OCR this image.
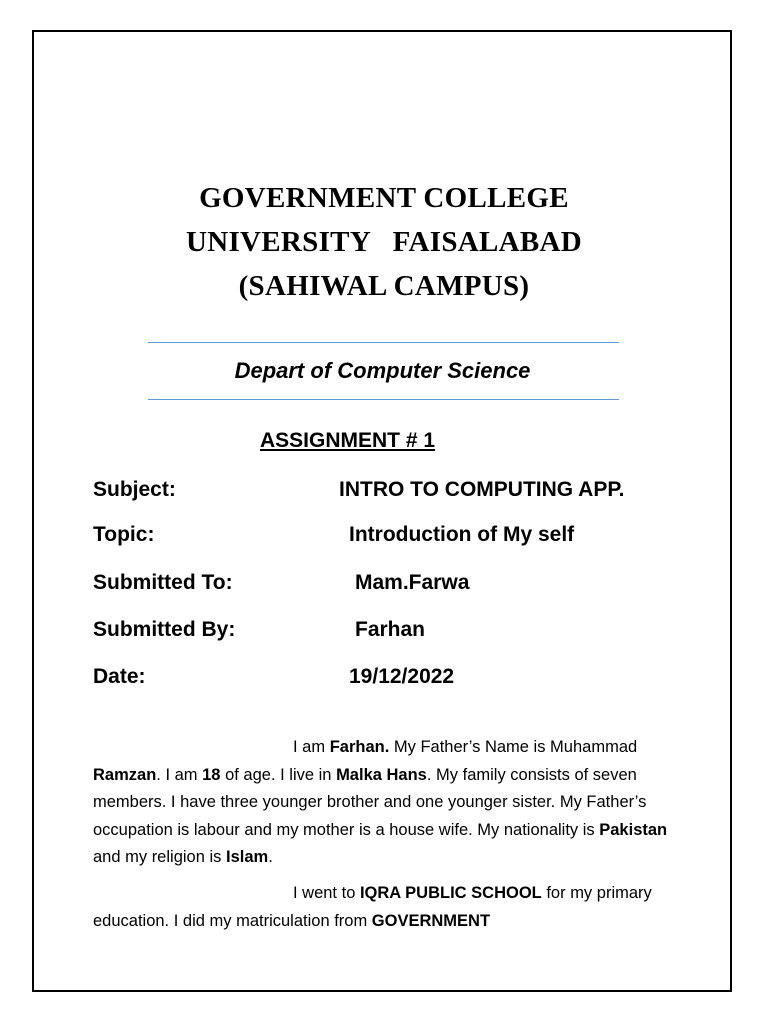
GOVERNMENT COLLEGE
UNIVERSITY   FAISALABAD
(SAHIWAL CAMPUS)
Depart of Computer Science
ASSIGNMENT # 1
Subject:	INTRO TO COMPUTING APP.
Topic:	Introduction of My self
Submitted To:	Mam.Farwa
Submitted By:	Farhan
Date:	19/12/2022

I am Farhan. My Father’s Name is Muhammad Ramzan. I am 18 of age. I live in Malka Hans. My family consists of seven members. I have three younger brother and one younger sister. My Father’s occupation is labour and my mother is a house wife. My nationality is Pakistan and my religion is Islam.

I went to IQRA PUBLIC SCHOOL for my primary education. I did my matriculation from GOVERNMENT
